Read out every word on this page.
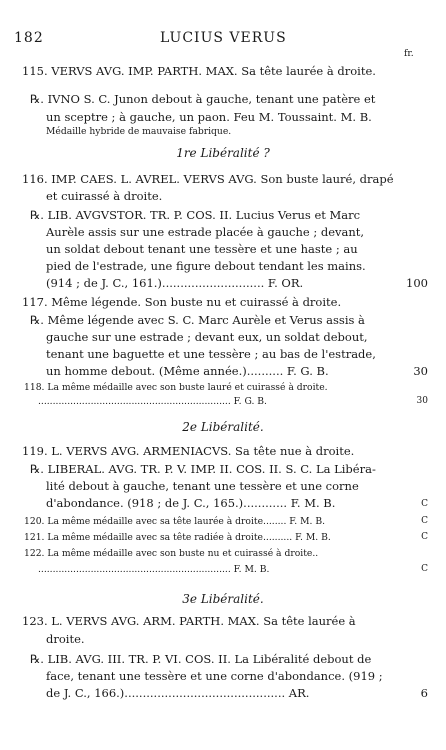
182	LUCIUS VERUS
fr.
115. VERVS AVG. IMP. PARTH. MAX. Sa tête laurée à droite.
℞. IVNO S. C. Junon debout à gauche, tenant une patère et
un sceptre ; à gauche, un paon. Feu M. Toussaint. M. B.
Médaille hybride de mauvaise fabrique.
1re Libéralité ?
116. IMP. CAES. L. AVREL. VERVS AVG. Son buste lauré, drapé
et cuirassé à droite.
℞. LIB. AVGVSTOR. TR. P. COS. II. Lucius Verus et Marc
Aurèle assis sur une estrade placée à gauche ; devant,
un soldat debout tenant une tessère et une haste ; au
pied de l'estrade, une figure debout tendant les mains.
(914 ; de J. C., 161.)............................ F. OR.	100
117. Même légende. Son buste nu et cuirassé à droite.
℞. Même légende avec S. C. Marc Aurèle et Verus assis à
gauche sur une estrade ; devant eux, un soldat debout,
tenant une baguette et une tessère ; au bas de l'estrade,
un homme debout. (Même année.).......... F. G. B.	30
118. La même médaille avec son buste lauré et cuirassé à droite.
.................................................................. F. G. B.	30
2e Libéralité.
119. L. VERVS AVG. ARMENIACVS. Sa tête nue à droite.
℞. LIBERAL. AVG. TR. P. V. IMP. II. COS. II. S. C. La Libéra-
lité debout à gauche, tenant une tessère et une corne
d'abondance. (918 ; de J. C., 165.)............ F. M. B.	C
120. La même médaille avec sa tête laurée à droite........ F. M. B.	C
121. La même médaille avec sa tête radiée à droite.......... F. M. B.	C
122. La même médaille avec son buste nu et cuirassé à droite..
.................................................................. F. M. B.	C
3e Libéralité.
123. L. VERVS AVG. ARM. PARTH. MAX. Sa tête laurée à
droite.
℞. LIB. AVG. III. TR. P. VI. COS. II. La Libéralité debout de
face, tenant une tessère et une corne d'abondance. (919 ;
de J. C., 166.)............................................ AR.	6
